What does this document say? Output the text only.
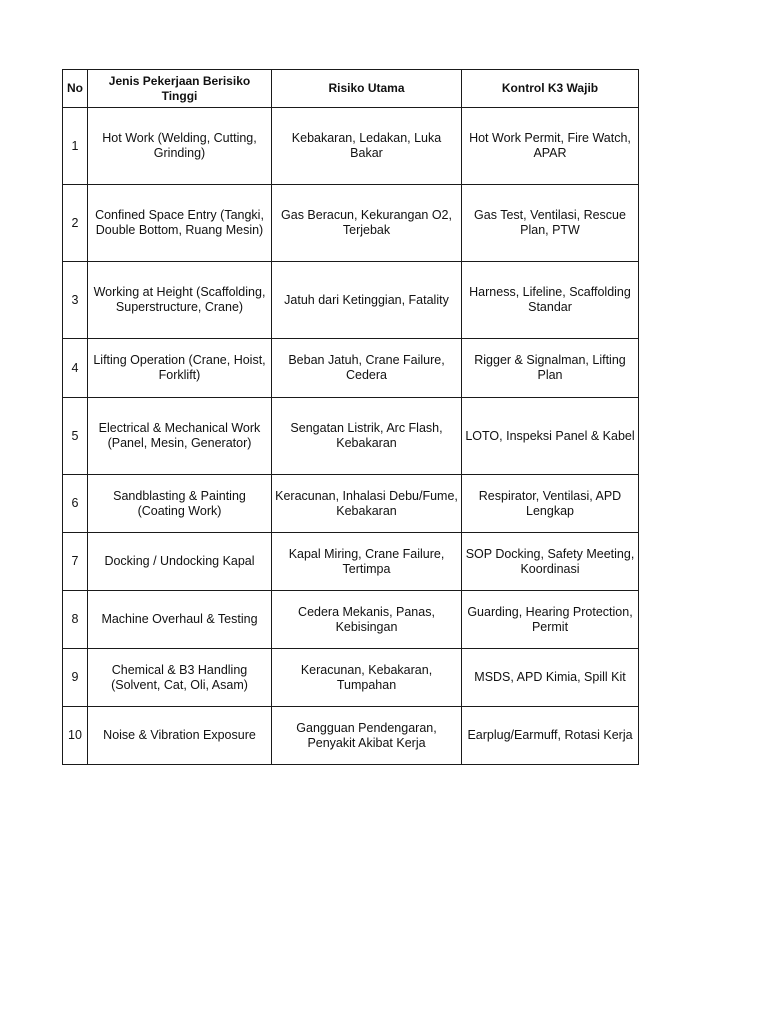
No	Jenis Pekerjaan Berisiko Tinggi	Risiko Utama	Kontrol K3 Wajib
1	Hot Work (Welding, Cutting, Grinding)	Kebakaran, Ledakan, Luka Bakar	Hot Work Permit, Fire Watch, APAR
2	Confined Space Entry (Tangki, Double Bottom, Ruang Mesin)	Gas Beracun, Kekurangan O2, Terjebak	Gas Test, Ventilasi, Rescue Plan, PTW
3	Working at Height (Scaffolding, Superstructure, Crane)	Jatuh dari Ketinggian, Fatality	Harness, Lifeline, Scaffolding Standar
4	Lifting Operation (Crane, Hoist, Forklift)	Beban Jatuh, Crane Failure, Cedera	Rigger & Signalman, Lifting Plan
5	Electrical & Mechanical Work (Panel, Mesin, Generator)	Sengatan Listrik, Arc Flash, Kebakaran	LOTO, Inspeksi Panel & Kabel
6	Sandblasting & Painting (Coating Work)	Keracunan, Inhalasi Debu/Fume, Kebakaran	Respirator, Ventilasi, APD Lengkap
7	Docking / Undocking Kapal	Kapal Miring, Crane Failure, Tertimpa	SOP Docking, Safety Meeting, Koordinasi
8	Machine Overhaul & Testing	Cedera Mekanis, Panas, Kebisingan	Guarding, Hearing Protection, Permit
9	Chemical & B3 Handling (Solvent, Cat, Oli, Asam)	Keracunan, Kebakaran, Tumpahan	MSDS, APD Kimia, Spill Kit
10	Noise & Vibration Exposure	Gangguan Pendengaran, Penyakit Akibat Kerja	Earplug/Earmuff, Rotasi Kerja
